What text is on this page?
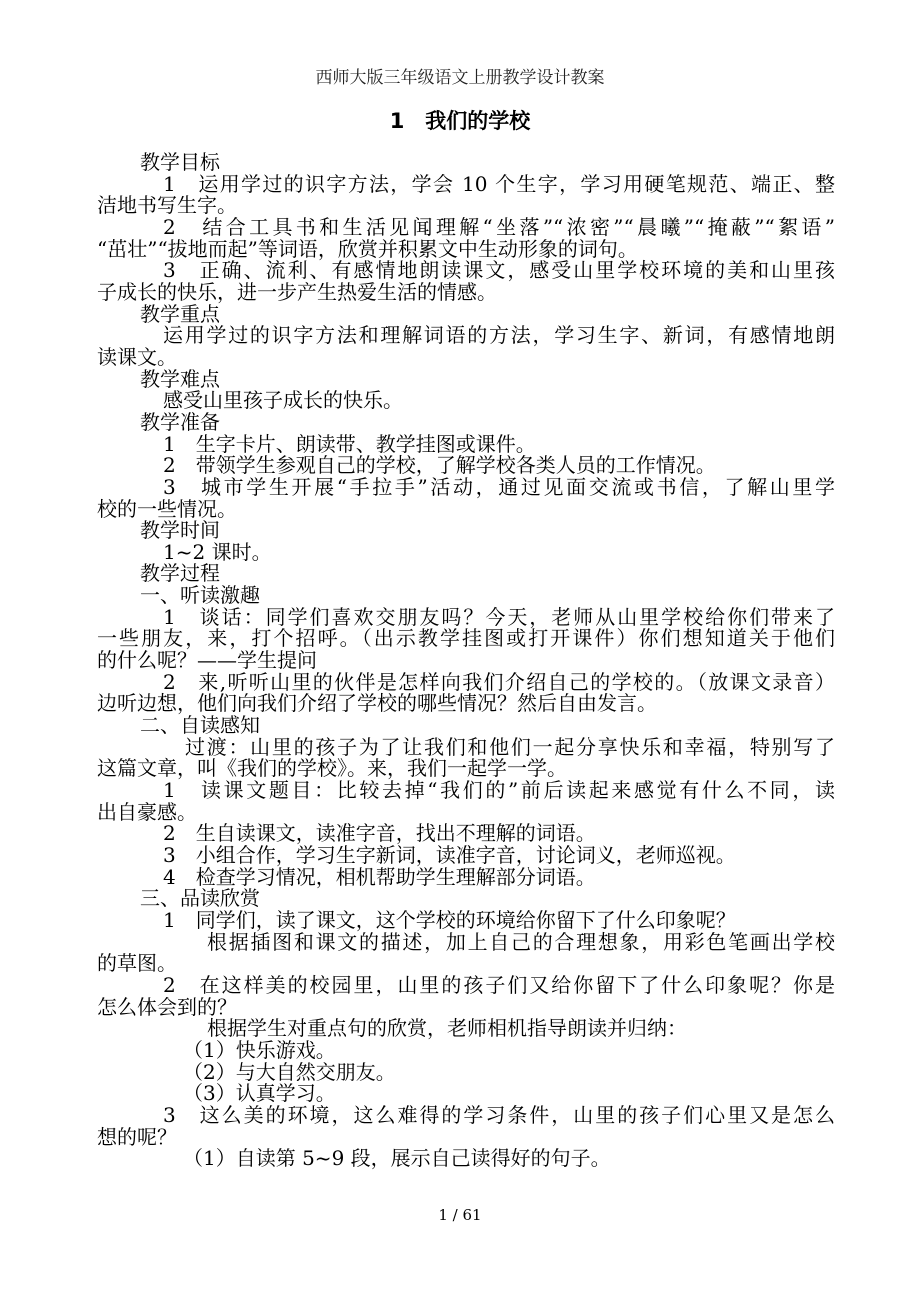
西师大版三年级语文上册教学设计教案
1　我们的学校
教学目标
1　运用学过的识字方法，学会 10 个生字，学习用硬笔规范、端正、整
洁地书写生字。
2　结合工具书和生活见闻理解“坐落”“浓密”“晨曦”“掩蔽”“絮语”
“茁壮”“拔地而起”等词语，欣赏并积累文中生动形象的词句。
3　正确、流利、有感情地朗读课文，感受山里学校环境的美和山里孩
子成长的快乐，进一步产生热爱生活的情感。
教学重点
运用学过的识字方法和理解词语的方法，学习生字、新词，有感情地朗
读课文。
教学难点
感受山里孩子成长的快乐。
教学准备
1　生字卡片、朗读带、教学挂图或课件。
2　带领学生参观自己的学校，了解学校各类人员的工作情况。
3　城市学生开展“手拉手”活动，通过见面交流或书信，了解山里学
校的一些情况。
教学时间
1~2 课时。
教学过程
一、听读激趣
1　谈话：同学们喜欢交朋友吗？今天，老师从山里学校给你们带来了
一些朋友，来，打个招呼。（出示教学挂图或打开课件）你们想知道关于他们
的什么呢？——学生提问
2　来,听听山里的伙伴是怎样向我们介绍自己的学校的。（放课文录音）
边听边想，他们向我们介绍了学校的哪些情况？然后自由发言。
二、自读感知
过渡：山里的孩子为了让我们和他们一起分享快乐和幸福，特别写了
这篇文章，叫《我们的学校》。来，我们一起学一学。
1　读课文题目：比较去掉“我们的”前后读起来感觉有什么不同，读
出自豪感。
2　生自读课文，读准字音，找出不理解的词语。
3　小组合作，学习生字新词，读准字音，讨论词义，老师巡视。
4　检查学习情况，相机帮助学生理解部分词语。
三、品读欣赏
1　同学们，读了课文，这个学校的环境给你留下了什么印象呢？
根据插图和课文的描述，加上自己的合理想象，用彩色笔画出学校
的草图。
2　在这样美的校园里，山里的孩子们又给你留下了什么印象呢？你是
怎么体会到的？
根据学生对重点句的欣赏，老师相机指导朗读并归纳：
（1）快乐游戏。
（2）与大自然交朋友。
（3）认真学习。
3　这么美的环境，这么难得的学习条件，山里的孩子们心里又是怎么
想的呢？
（1）自读第 5~9 段，展示自己读得好的句子。
1 / 61
